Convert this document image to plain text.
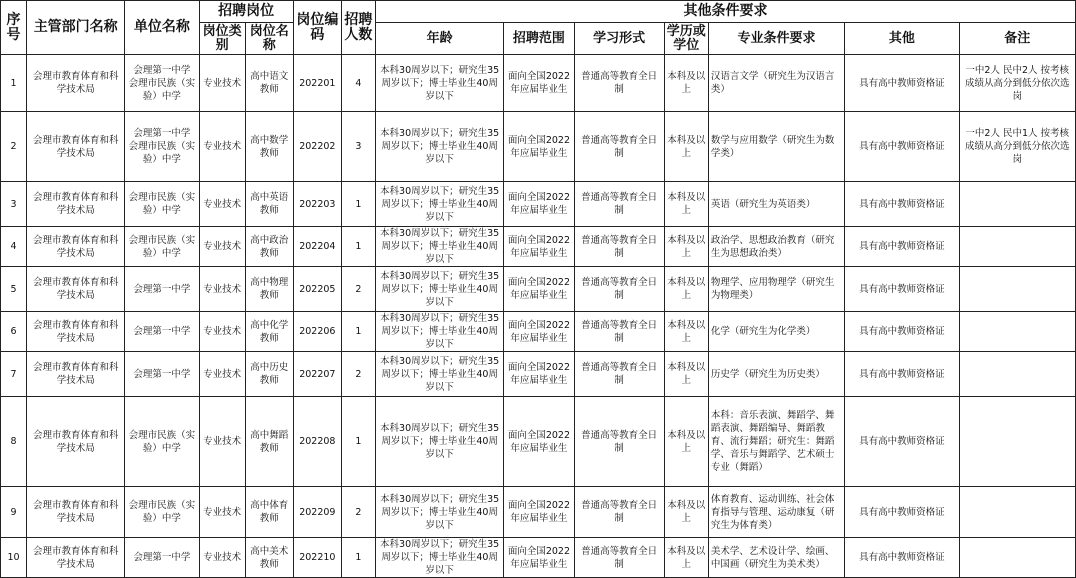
序号	主管部门名称	单位名称	招聘岗位		岗位编码	招聘人数	其他条件要求						
			岗位类别	岗位名称			年龄	招聘范围	学习形式	学历或学位	专业条件要求	其他	备注
1	会理市教育体育和科学技术局	会理第一中学 会理市民族（实验）中学	专业技术	高中语文教师	202201	4	本科30周岁以下；研究生35周岁以下；博士毕业生40周岁以下	面向全国2022年应届毕业生	普通高等教育全日制	本科及以上	汉语言文学（研究生为汉语言类）	具有高中教师资格证	一中2人 民中2人 按考核成绩从高分到低分依次选岗
2	会理市教育体育和科学技术局	会理第一中学 会理市民族（实验）中学	专业技术	高中数学教师	202202	3	本科30周岁以下；研究生35周岁以下；博士毕业生40周岁以下	面向全国2022年应届毕业生	普通高等教育全日制	本科及以上	数学与应用数学（研究生为数学类）	具有高中教师资格证	一中2人 民中1人 按考核成绩从高分到低分依次选岗
3	会理市教育体育和科学技术局	会理市民族（实验）中学	专业技术	高中英语教师	202203	1	本科30周岁以下；研究生35周岁以下；博士毕业生40周岁以下	面向全国2022年应届毕业生	普通高等教育全日制	本科及以上	英语（研究生为英语类）	具有高中教师资格证	
4	会理市教育体育和科学技术局	会理市民族（实验）中学	专业技术	高中政治教师	202204	1	本科30周岁以下；研究生35周岁以下；博士毕业生40周岁以下	面向全国2022年应届毕业生	普通高等教育全日制	本科及以上	政治学、思想政治教育（研究生为思想政治类）	具有高中教师资格证	
5	会理市教育体育和科学技术局	会理第一中学	专业技术	高中物理教师	202205	2	本科30周岁以下；研究生35周岁以下；博士毕业生40周岁以下	面向全国2022年应届毕业生	普通高等教育全日制	本科及以上	物理学、应用物理学（研究生为物理类）	具有高中教师资格证	
6	会理市教育体育和科学技术局	会理第一中学	专业技术	高中化学教师	202206	1	本科30周岁以下；研究生35周岁以下；博士毕业生40周岁以下	面向全国2022年应届毕业生	普通高等教育全日制	本科及以上	化学（研究生为化学类）	具有高中教师资格证	
7	会理市教育体育和科学技术局	会理第一中学	专业技术	高中历史教师	202207	2	本科30周岁以下；研究生35周岁以下；博士毕业生40周岁以下	面向全国2022年应届毕业生	普通高等教育全日制	本科及以上	历史学（研究生为历史类）	具有高中教师资格证	
8	会理市教育体育和科学技术局	会理市民族（实验）中学	专业技术	高中舞蹈教师	202208	1	本科30周岁以下；研究生35周岁以下；博士毕业生40周岁以下	面向全国2022年应届毕业生	普通高等教育全日制	本科及以上	本科：音乐表演、舞蹈学、舞蹈表演、舞蹈编导、舞蹈教育、流行舞蹈；研究生：舞蹈学、音乐与舞蹈学、艺术硕士专业（舞蹈）	具有高中教师资格证	
9	会理市教育体育和科学技术局	会理市民族（实验）中学	专业技术	高中体育教师	202209	2	本科30周岁以下；研究生35周岁以下；博士毕业生40周岁以下	面向全国2022年应届毕业生	普通高等教育全日制	本科及以上	体育教育、运动训练、社会体育指导与管理、运动康复（研究生为体育类）	具有高中教师资格证	
10	会理市教育体育和科学技术局	会理第一中学	专业技术	高中美术教师	202210	1	本科30周岁以下；研究生35周岁以下；博士毕业生40周岁以下	面向全国2022年应届毕业生	普通高等教育全日制	本科及以上	美术学、艺术设计学、绘画、中国画（研究生为美术类）	具有高中教师资格证	
